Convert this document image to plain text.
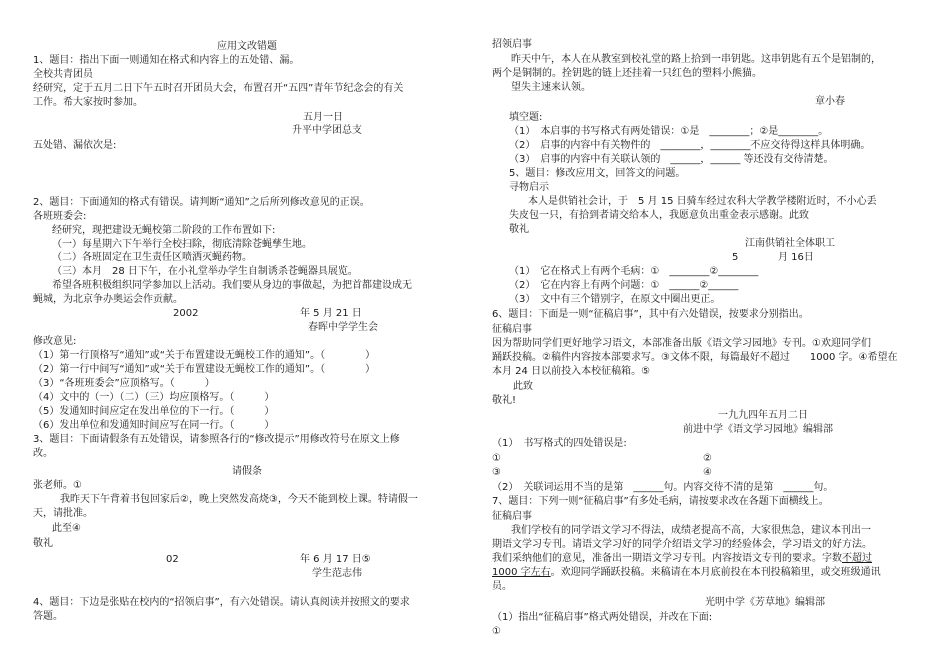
应用文改错题
1、题目：指出下面一则通知在格式和内容上的五处错、漏。
全校共青团员
经研究，定于五月二日下午五时召开团员大会，布置召开“五四”青年节纪念会的有关
工作。希大家按时参加。
五月一日
升平中学团总支
五处错、漏依次是:
2、题目：下面通知的格式有错误。请判断“通知”之后所列修改意见的正误。
各班班委会:
经研究，现把建设无蝇校第二阶段的工作布置如下:
（一）每星期六下午举行全校扫除，彻底清除苍蝇孳生地。
（二）各班固定在卫生责任区喷洒灭蝇药物。
（三）本月　28 日下午，在小礼堂举办学生自制诱杀苍蝇器具展览。
希望各班积极组织同学参加以上活动。我们要从身边的事做起，为把首都建设成无
蝇城，为北京争办奥运会作贡献。
2002	年 5 月 21 日
春晖中学学生会
修改意见:
（1）第一行顶格写“通知”或“关于布置建设无蝇校工作的通知”。（　　　　）
（2）第一行中间写“通知”或“关于布置建设无蝇校工作的通知”。（　　　　）
（3）“各班班委会”应顶格写。（　　　）
（4）文中的（一）（二）（三）均应顶格写。（　　　）
（5）发通知时间应定在发出单位的下一行。（　　　）
（6）发出单位和发通知时间应写在同一行。（　　　）
3、题目：下面请假条有五处错误，请参照各行的“修改提示”用修改符号在原文上修
改。
请假条
张老师。①
我昨天下午背着书包回家后②，晚上突然发高烧③，今天不能到校上课。特请假一
天，请批准。
此至④
敬礼
02	年 6 月 17 日⑤
学生范志伟
4、题目：下边是张贴在校内的“招领启事”，有六处错误。请认真阅读并按照文的要求
答题。
招领启事
昨天中午，本人在从教室到校礼堂的路上拾到一串钥匙。这串钥匙有五个是铝制的，
两个是铜制的。拴钥匙的链上还挂着一只红色的塑料小熊猫。
望失主速来认领。
章小春
填空题:
（1）　本启事的书写格式有两处错误：①是　________；②是________。
（2）　启事的内容中有关物件的　________，________不应交待得这样具体明确。
（3）　启事的内容中有关联认领的　______，______ 等还没有交待清楚。
5、题目：修改应用文，回答文的问题。
寻物启示
本人是供销社会计，于　5 月 15 日骑车经过农科大学教学楼附近时，不小心丢
失皮包一只，有拾到者请交给本人，我愿意负出重金表示感谢。此致
敬礼
江南供销社全体职工
5	月 16日
（1）　它在格式上有两个毛病：①　________②________
（2）　它在内容上有两个问题：①　______②______
（3）　文中有三个错别字，在原文中圈出更正。
6、题目：下面是一则“征稿启事”，其中有六处错误，按要求分别指出。
征稿启事
因为帮助同学们更好地学习语文，本部准备出版《语文学习园地》专刊。①欢迎同学们
踊跃投稿。②稿件内容按本部要求写。③文体不限，每篇最好不超过　　1000 字。④希望在
本月 24 日以前投入本校征稿箱。⑤
此致
敬礼!
一九九四年五月二日
前进中学《语文学习园地》编辑部
（1）　书写格式的四处错误是:
①	②
③	④
（2）　关联词运用不当的是第　______句。内容交待不清的是第　______句。
7、题目：下列一则“征稿启事”有多处毛病，请按要求改在各题下面横线上。
征稿启事
我们学校有的同学语文学习不得法，成绩老提高不高，大家很焦急，建议本刊出一
期语文学习专刊。请语文学习好的同学介绍语文学习的经验体会，学习语文的好方法。
我们采纳他们的意见，准备出一期语文学习专刊。内容按语文专刊的要求。字数不超过
1000 字左右。欢迎同学踊跃投稿。来稿请在本月底前投在本刊投稿箱里，或交班级通讯
员。
光明中学《芳草地》编辑部
（1）指出“征稿启事”格式两处错误，并改在下面:
①
